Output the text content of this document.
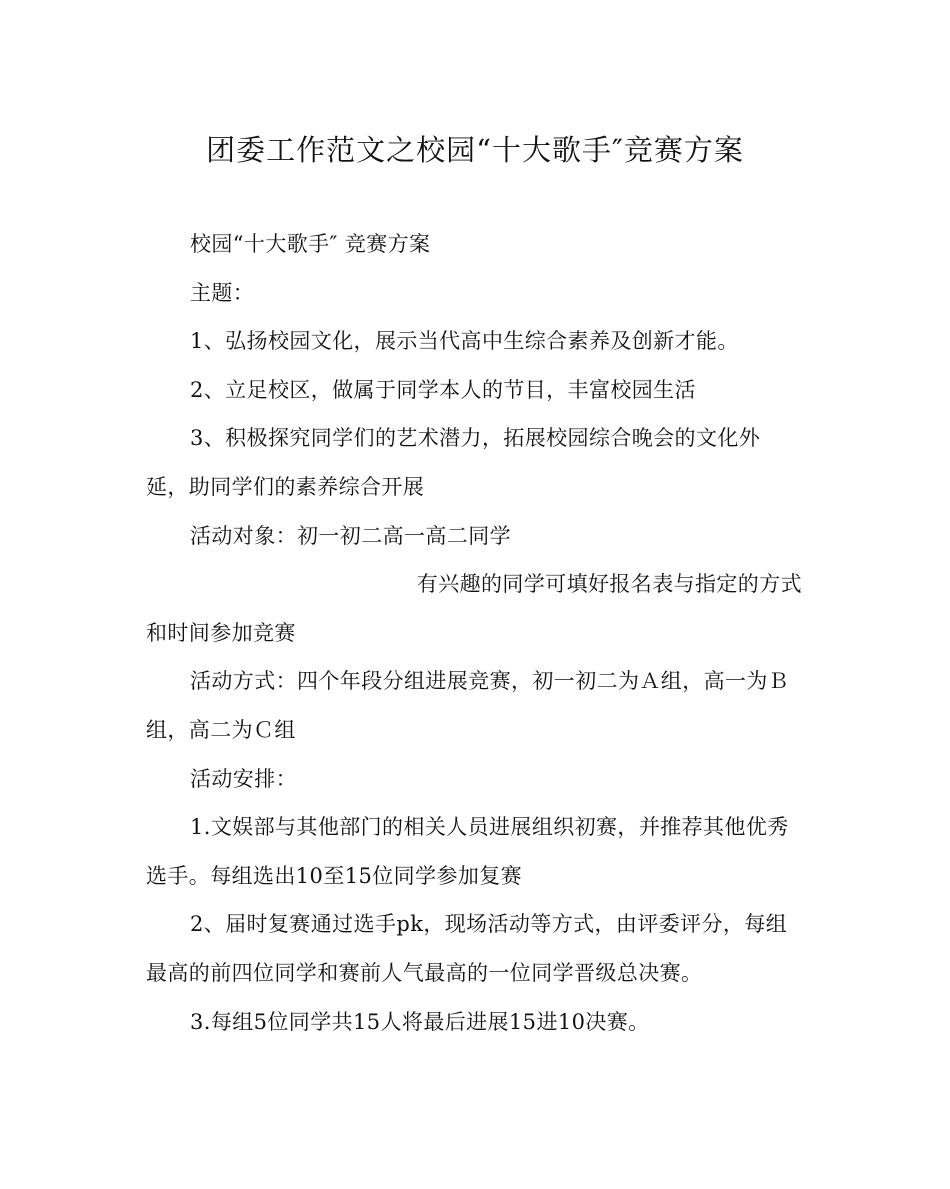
团委工作范文之校园“十大歌手″竞赛方案

校园“十大歌手″ 竞赛方案

主题：

1、弘扬校园文化，展示当代高中生综合素养及创新才能。

2、立足校区，做属于同学本人的节目，丰富校园生活

3、积极探究同学们的艺术潜力，拓展校园综合晚会的文化外延，助同学们的素养综合开展

活动对象：初一初二高一高二同学

有兴趣的同学可填好报名表与指定的方式

和时间参加竞赛

活动方式：四个年段分组进展竞赛，初一初二为Ａ组，高一为Ｂ组，高二为Ｃ组

活动安排：

1.文娱部与其他部门的相关人员进展组织初赛，并推荐其他优秀选手。每组选出10至15位同学参加复赛

2、届时复赛通过选手pk，现场活动等方式，由评委评分，每组最高的前四位同学和赛前人气最高的一位同学晋级总决赛。

3.每组5位同学共15人将最后进展15进10决赛。
